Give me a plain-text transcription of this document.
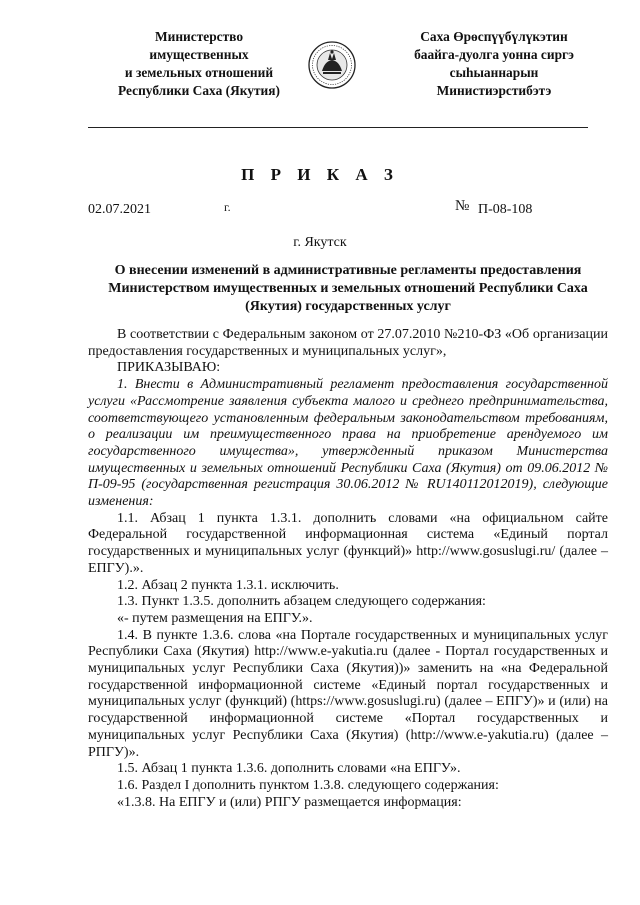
Министерство
имущественных
и земельных отношений
Республики Саха (Якутия)
Саха Өрөспүүбүлүкэтин
баайга-дуолга уонна сиргэ
сыһыаннарын
Министиэрстибэтэ
П Р И К А З
02.07.2021	г.	№ П-08-108
г. Якутск
О внесении изменений в административные регламенты предоставления Министерством имущественных и земельных отношений Республики Саха (Якутия) государственных услуг

В соответствии с Федеральным законом от 27.07.2010 №210-ФЗ «Об организации предоставления государственных и муниципальных услуг»,

ПРИКАЗЫВАЮ:

1. Внести в Административный регламент предоставления государственной услуги «Рассмотрение заявления субъекта малого и среднего предпринимательства, соответствующего установленным федеральным законодательством требованиям, о реализации им преимущественного права на приобретение арендуемого им государственного имущества», утвержденный приказом Министерства имущественных и земельных отношений Республики Саха (Якутия) от 09.06.2012 № П-09-95 (государственная регистрация 30.06.2012 № RU140112012019), следующие изменения:

1.1. Абзац 1 пункта 1.3.1. дополнить словами «на официальном сайте Федеральной государственной информационная система «Единый портал государственных и муниципальных услуг (функций)» http://www.gosuslugi.ru/ (далее – ЕПГУ).».

1.2. Абзац 2 пункта 1.3.1. исключить.

1.3. Пункт 1.3.5. дополнить абзацем следующего содержания:

«- путем размещения на ЕПГУ.».

1.4. В пункте 1.3.6. слова «на Портале государственных и муниципальных услуг Республики Саха (Якутия) http://www.e-yakutia.ru (далее - Портал государственных и муниципальных услуг Республики Саха (Якутия))» заменить на «на Федеральной государственной информационной системе «Единый портал государственных и муниципальных услуг (функций) (https://www.gosuslugi.ru) (далее – ЕПГУ)» и (или) на государственной информационной системе «Портал государственных и муниципальных услуг Республики Саха (Якутия) (http://www.e-yakutia.ru) (далее – РПГУ)».

1.5. Абзац 1 пункта 1.3.6. дополнить словами «на ЕПГУ».

1.6. Раздел I дополнить пунктом 1.3.8. следующего содержания:

«1.3.8. На ЕПГУ и (или) РПГУ размещается информация:
